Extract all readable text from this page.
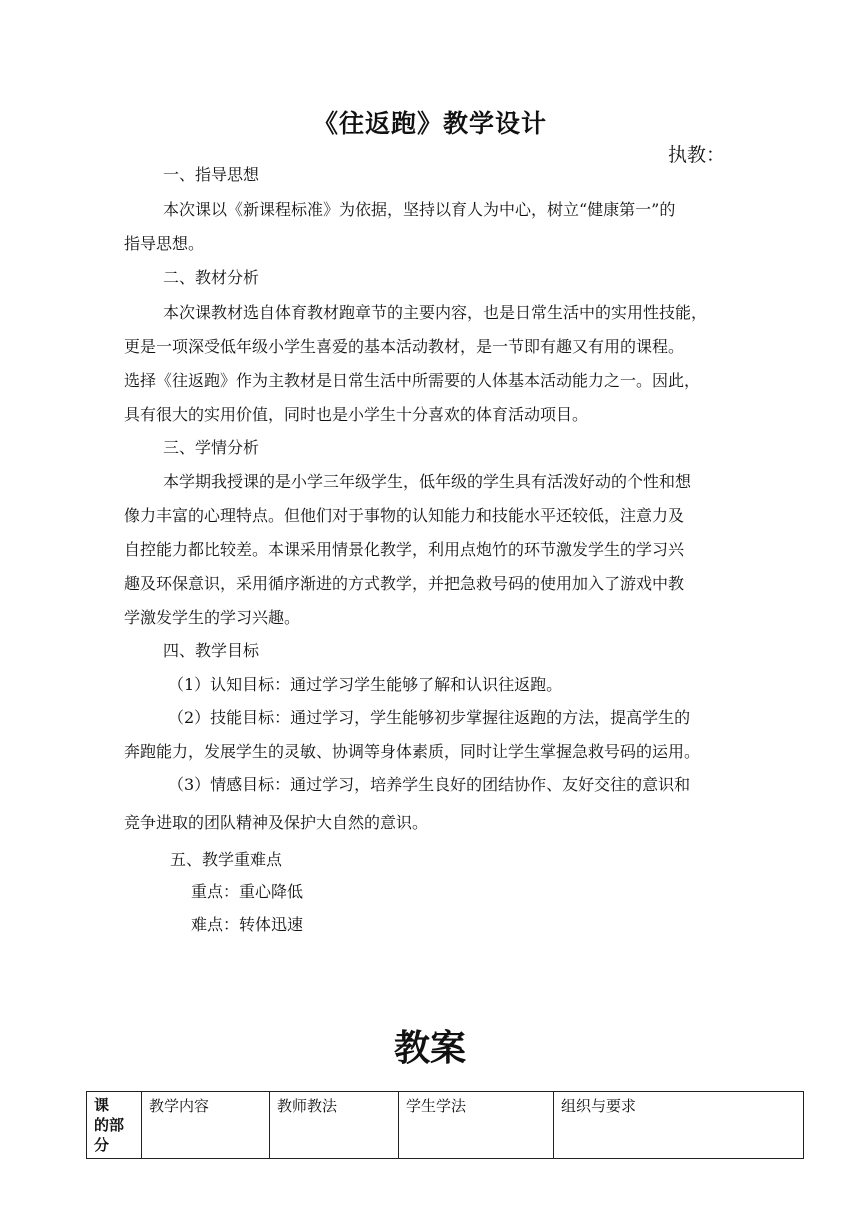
《往返跑》教学设计
执教：
一、指导思想
本次课以《新课程标准》为依据，坚持以育人为中心，树立“健康第一”的
指导思想。
二、教材分析
本次课教材选自体育教材跑章节的主要内容，也是日常生活中的实用性技能，
更是一项深受低年级小学生喜爱的基本活动教材，是一节即有趣又有用的课程。
选择《往返跑》作为主教材是日常生活中所需要的人体基本活动能力之一。因此，
具有很大的实用价值，同时也是小学生十分喜欢的体育活动项目。
三、学情分析
本学期我授课的是小学三年级学生，低年级的学生具有活泼好动的个性和想
像力丰富的心理特点。但他们对于事物的认知能力和技能水平还较低，注意力及
自控能力都比较差。本课采用情景化教学，利用点炮竹的环节激发学生的学习兴
趣及环保意识，采用循序渐进的方式教学，并把急救号码的使用加入了游戏中教
学激发学生的学习兴趣。
四、教学目标
（1）认知目标：通过学习学生能够了解和认识往返跑。
（2）技能目标：通过学习，学生能够初步掌握往返跑的方法，提高学生的
奔跑能力，发展学生的灵敏、协调等身体素质，同时让学生掌握急救号码的运用。
（3）情感目标：通过学习，培养学生良好的团结协作、友好交往的意识和
竞争进取的团队精神及保护大自然的意识。
五、教学重难点
重点：重心降低
难点：转体迅速
教案
课　的部分	教学内容	教师教法	学生学法	组织与要求
